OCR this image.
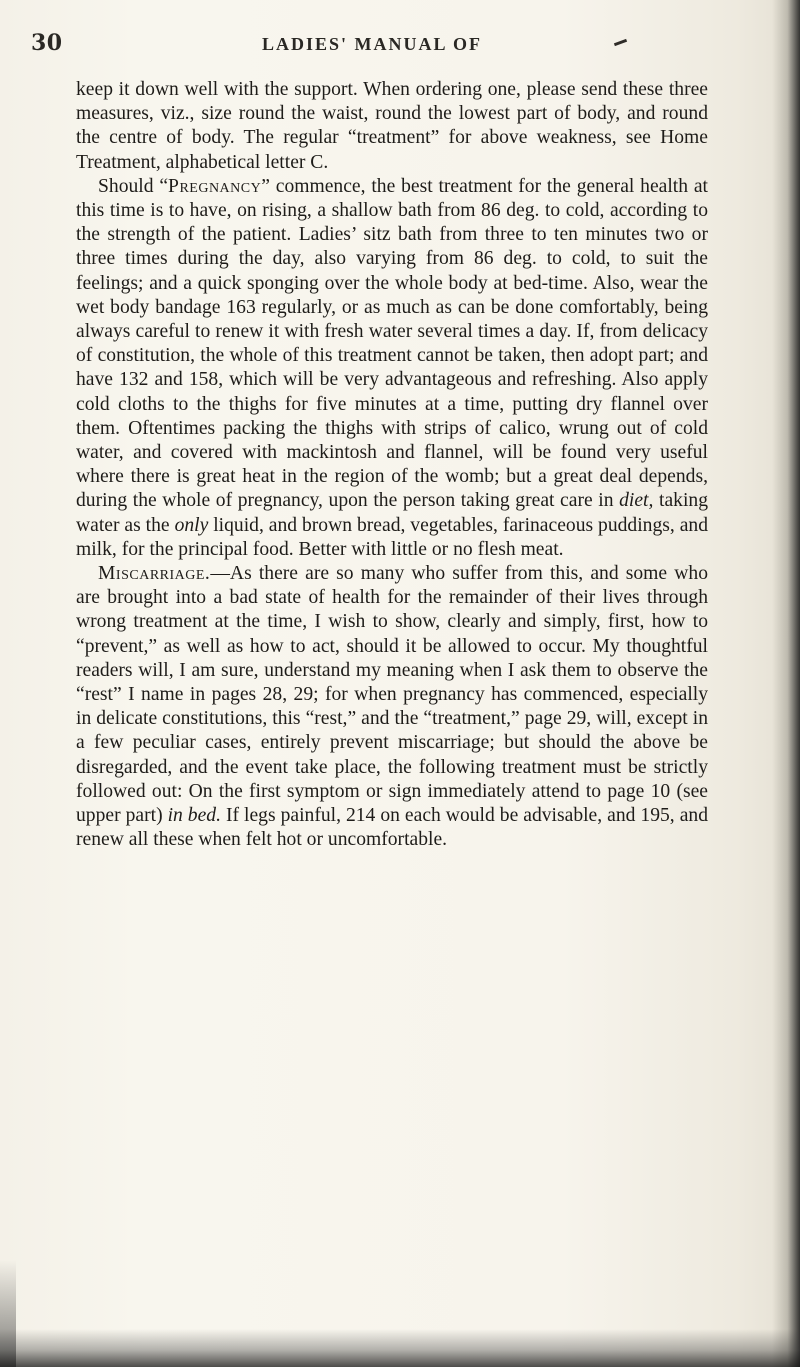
30	LADIES' MANUAL OF

keep it down well with the support. When ordering one, please send these three measures, viz., size round the waist, round the lowest part of body, and round the centre of body. The regular “treatment” for above weakness, see Home Treatment, alphabetical letter C.

Should “Pregnancy” commence, the best treatment for the general health at this time is to have, on rising, a shallow bath from 86 deg. to cold, according to the strength of the patient. Ladies’ sitz bath from three to ten minutes two or three times during the day, also varying from 86 deg. to cold, to suit the feelings; and a quick sponging over the whole body at bed-time. Also, wear the wet body bandage 163 regularly, or as much as can be done comfortably, being always careful to renew it with fresh water several times a day. If, from delicacy of constitution, the whole of this treatment cannot be taken, then adopt part; and have 132 and 158, which will be very advantageous and refreshing. Also apply cold cloths to the thighs for five minutes at a time, putting dry flannel over them. Oftentimes packing the thighs with strips of calico, wrung out of cold water, and covered with mackintosh and flannel, will be found very useful where there is great heat in the region of the womb; but a great deal depends, during the whole of pregnancy, upon the person taking great care in diet, taking water as the only liquid, and brown bread, vegetables, farinaceous puddings, and milk, for the principal food. Better with little or no flesh meat.

Miscarriage.—As there are so many who suffer from this, and some who are brought into a bad state of health for the remainder of their lives through wrong treatment at the time, I wish to show, clearly and simply, first, how to “prevent,” as well as how to act, should it be allowed to occur. My thoughtful readers will, I am sure, understand my meaning when I ask them to observe the “rest” I name in pages 28, 29; for when pregnancy has commenced, especially in delicate constitutions, this “rest,” and the “treatment,” page 29, will, except in a few peculiar cases, entirely prevent miscarriage; but should the above be disregarded, and the event take place, the following treatment must be strictly followed out: On the first symptom or sign immediately attend to page 10 (see upper part) in bed. If legs painful, 214 on each would be advisable, and 195, and renew all these when felt hot or uncomfortable.
